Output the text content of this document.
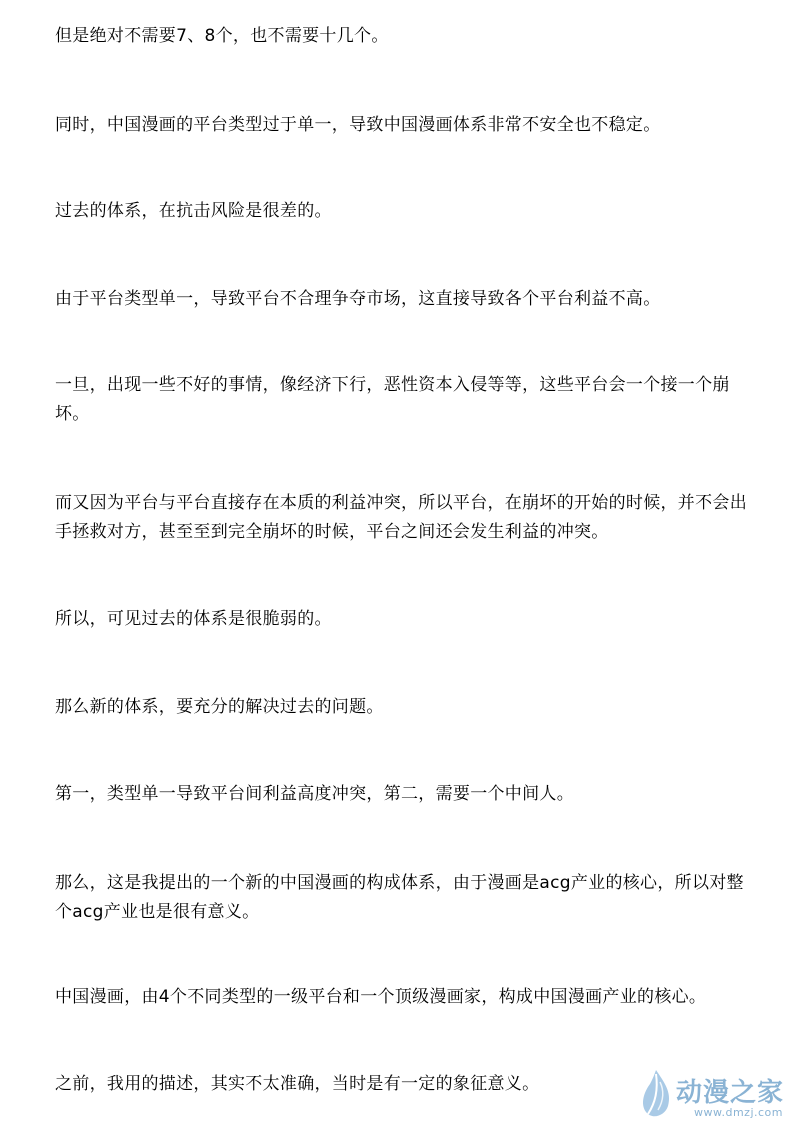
但是绝对不需要7、8个，也不需要十几个。

同时，中国漫画的平台类型过于单一，导致中国漫画体系非常不安全也不稳定。

过去的体系，在抗击风险是很差的。

由于平台类型单一，导致平台不合理争夺市场，这直接导致各个平台利益不高。

一旦，出现一些不好的事情，像经济下行，恶性资本入侵等等，这些平台会一个接一个崩坏。

而又因为平台与平台直接存在本质的利益冲突，所以平台，在崩坏的开始的时候，并不会出手拯救对方，甚至至到完全崩坏的时候，平台之间还会发生利益的冲突。

所以，可见过去的体系是很脆弱的。

那么新的体系，要充分的解决过去的问题。

第一，类型单一导致平台间利益高度冲突，第二，需要一个中间人。

那么，这是我提出的一个新的中国漫画的构成体系，由于漫画是acg产业的核心，所以对整个acg产业也是很有意义。

中国漫画，由4个不同类型的一级平台和一个顶级漫画家，构成中国漫画产业的核心。

之前，我用的描述，其实不太准确，当时是有一定的象征意义。	动漫之家
www.dmzj.com
